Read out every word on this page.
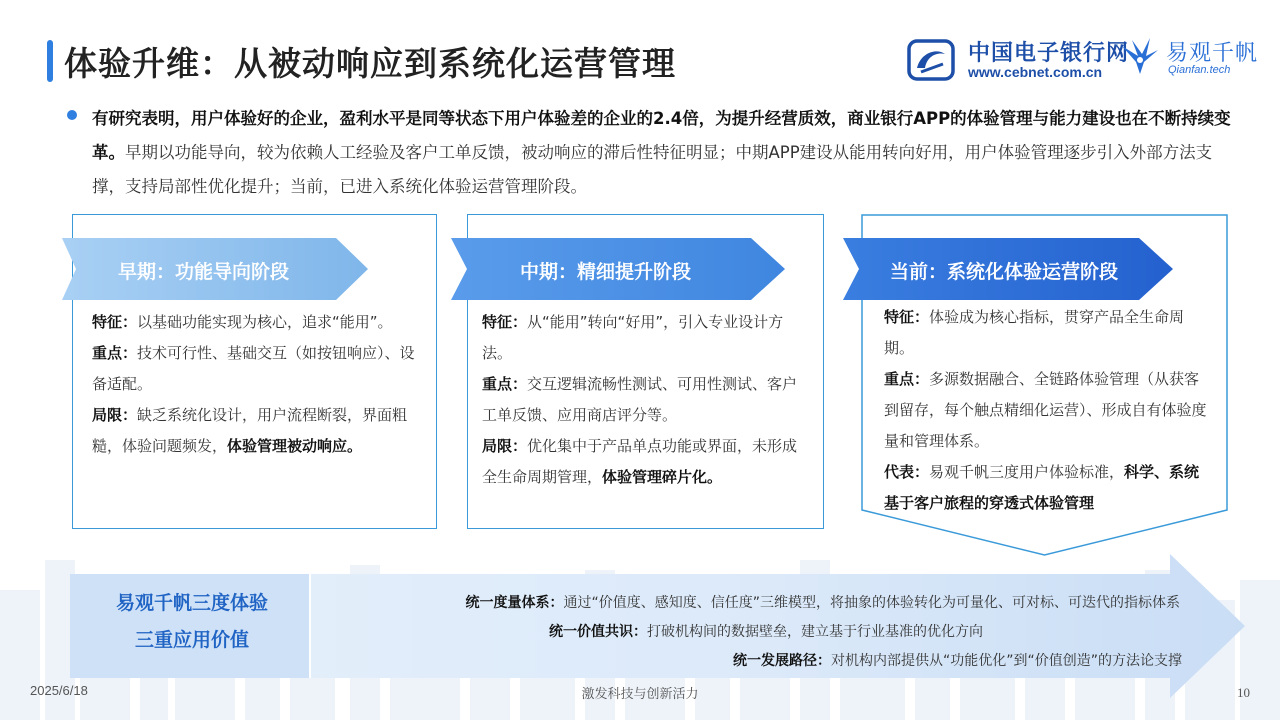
体验升维：从被动响应到系统化运营管理	中国电子银行网
www.cebnet.com.cn
易观千帆
Qianfan.tech
有研究表明，用户体验好的企业，盈利水平是同等状态下用户体验差的企业的2.4倍，为提升经营质效，商业银行APP的体验管理与能力建设也在不断持续变革。早期以功能导向，较为依赖人工经验及客户工单反馈，被动响应的滞后性特征明显；中期APP建设从能用转向好用，用户体验管理逐步引入外部方法支撑，支持局部性优化提升；当前，已进入系统化体验运营管理阶段。
早期：功能导向阶段	中期：精细提升阶段	当前：系统化体验运营阶段
特征：以基础功能实现为核心，追求“能用”。
重点：技术可行性、基础交互（如按钮响应）、设备适配。
局限：缺乏系统化设计，用户流程断裂，界面粗糙，体验问题频发，体验管理被动响应。
特征：从“能用”转向“好用”，引入专业设计方法。
重点：交互逻辑流畅性测试、可用性测试、客户工单反馈、应用商店评分等。
局限：优化集中于产品单点功能或界面，未形成全生命周期管理，体验管理碎片化。
特征：体验成为核心指标，贯穿产品全生命周期。
重点：多源数据融合、全链路体验管理（从获客到留存，每个触点精细化运营）、形成自有体验度量和管理体系。
代表：易观千帆三度用户体验标准，科学、系统基于客户旅程的穿透式体验管理
易观千帆三度体验
三重应用价值
统一度量体系：通过“价值度、感知度、信任度”三维模型，将抽象的体验转化为可量化、可对标、可迭代的指标体系
统一价值共识：打破机构间的数据壁垒，建立基于行业基准的优化方向
统一发展路径：对机构内部提供从“功能优化”到“价值创造”的方法论支撑
2025/6/18	激发科技与创新活力	10
